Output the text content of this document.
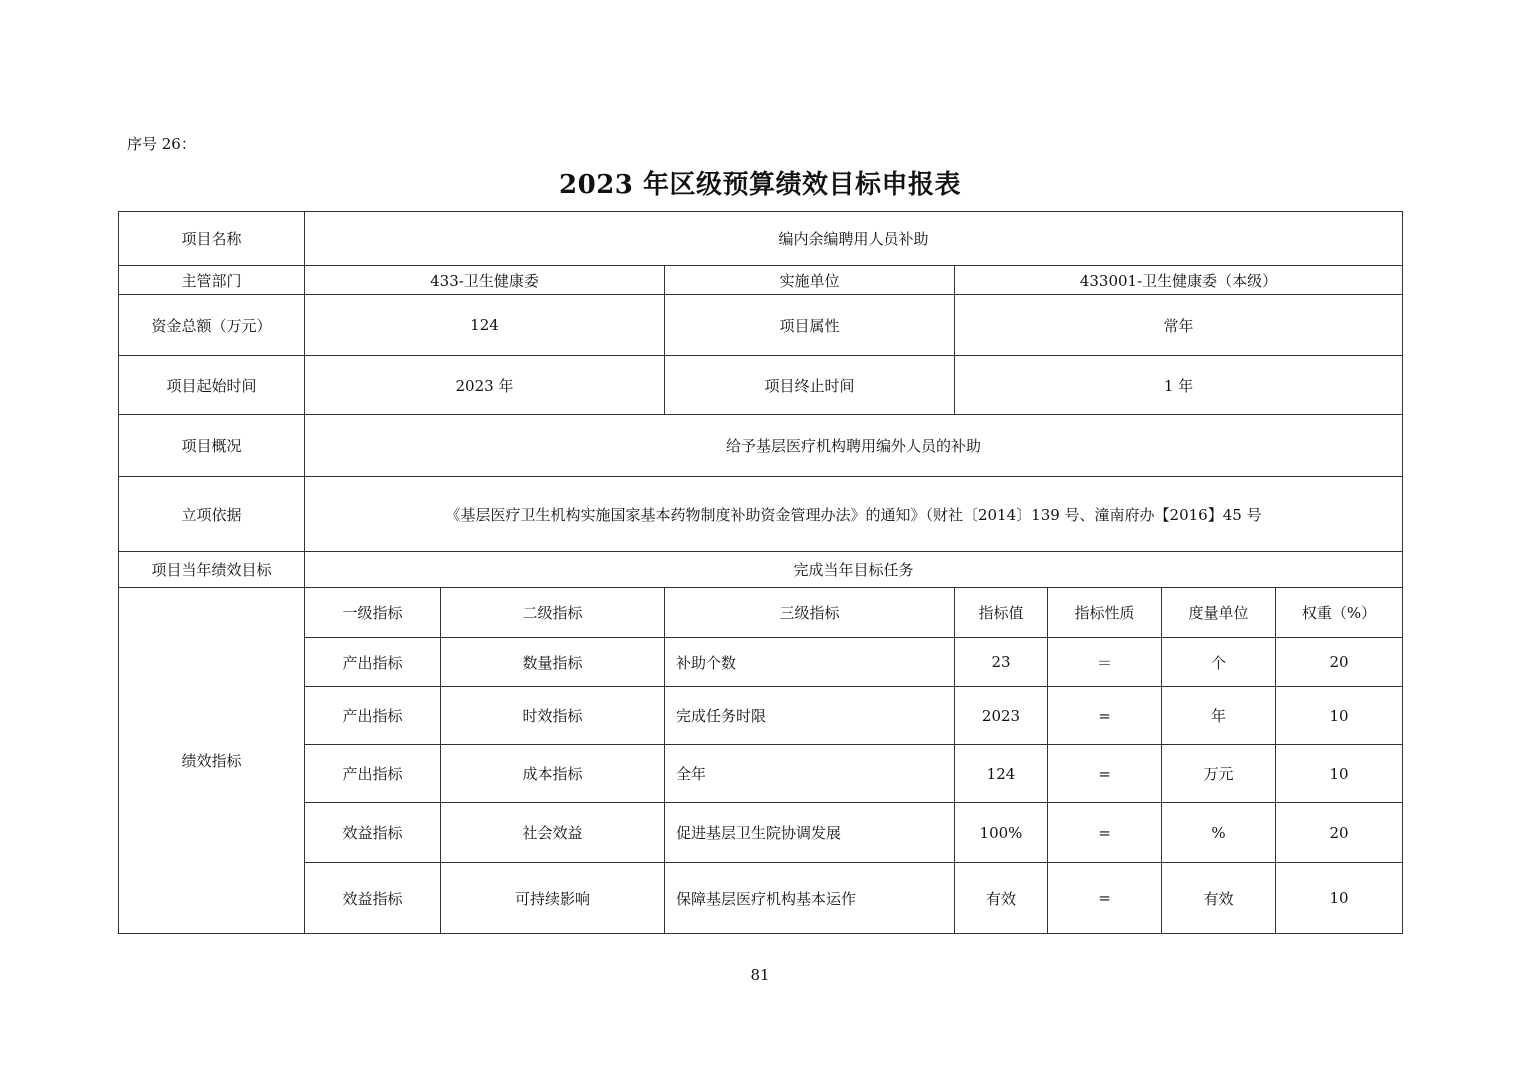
序号 26：
2023 年区级预算绩效目标申报表
项目名称	编内余编聘用人员补助						
主管部门	433-卫生健康委		实施单位	433001-卫生健康委（本级）			
资金总额（万元）	124		项目属性	常年			
项目起始时间	2023 年		项目终止时间	1 年			
项目概况	给予基层医疗机构聘用编外人员的补助						
立项依据	《基层医疗卫生机构实施国家基本药物制度补助资金管理办法》的通知》（财社〔2014〕139 号、潼南府办【2016】45 号						
项目当年绩效目标	完成当年目标任务						
绩效指标	一级指标	二级指标	三级指标	指标值	指标性质	度量单位	权重（%）
	产出指标	数量指标	补助个数	23	＝	个	20
	产出指标	时效指标	完成任务时限	2023	=	年	10
	产出指标	成本指标	全年	124	=	万元	10
	效益指标	社会效益	促进基层卫生院协调发展	100%	=	%	20
	效益指标	可持续影响	保障基层医疗机构基本运作	有效	=	有效	10
81
